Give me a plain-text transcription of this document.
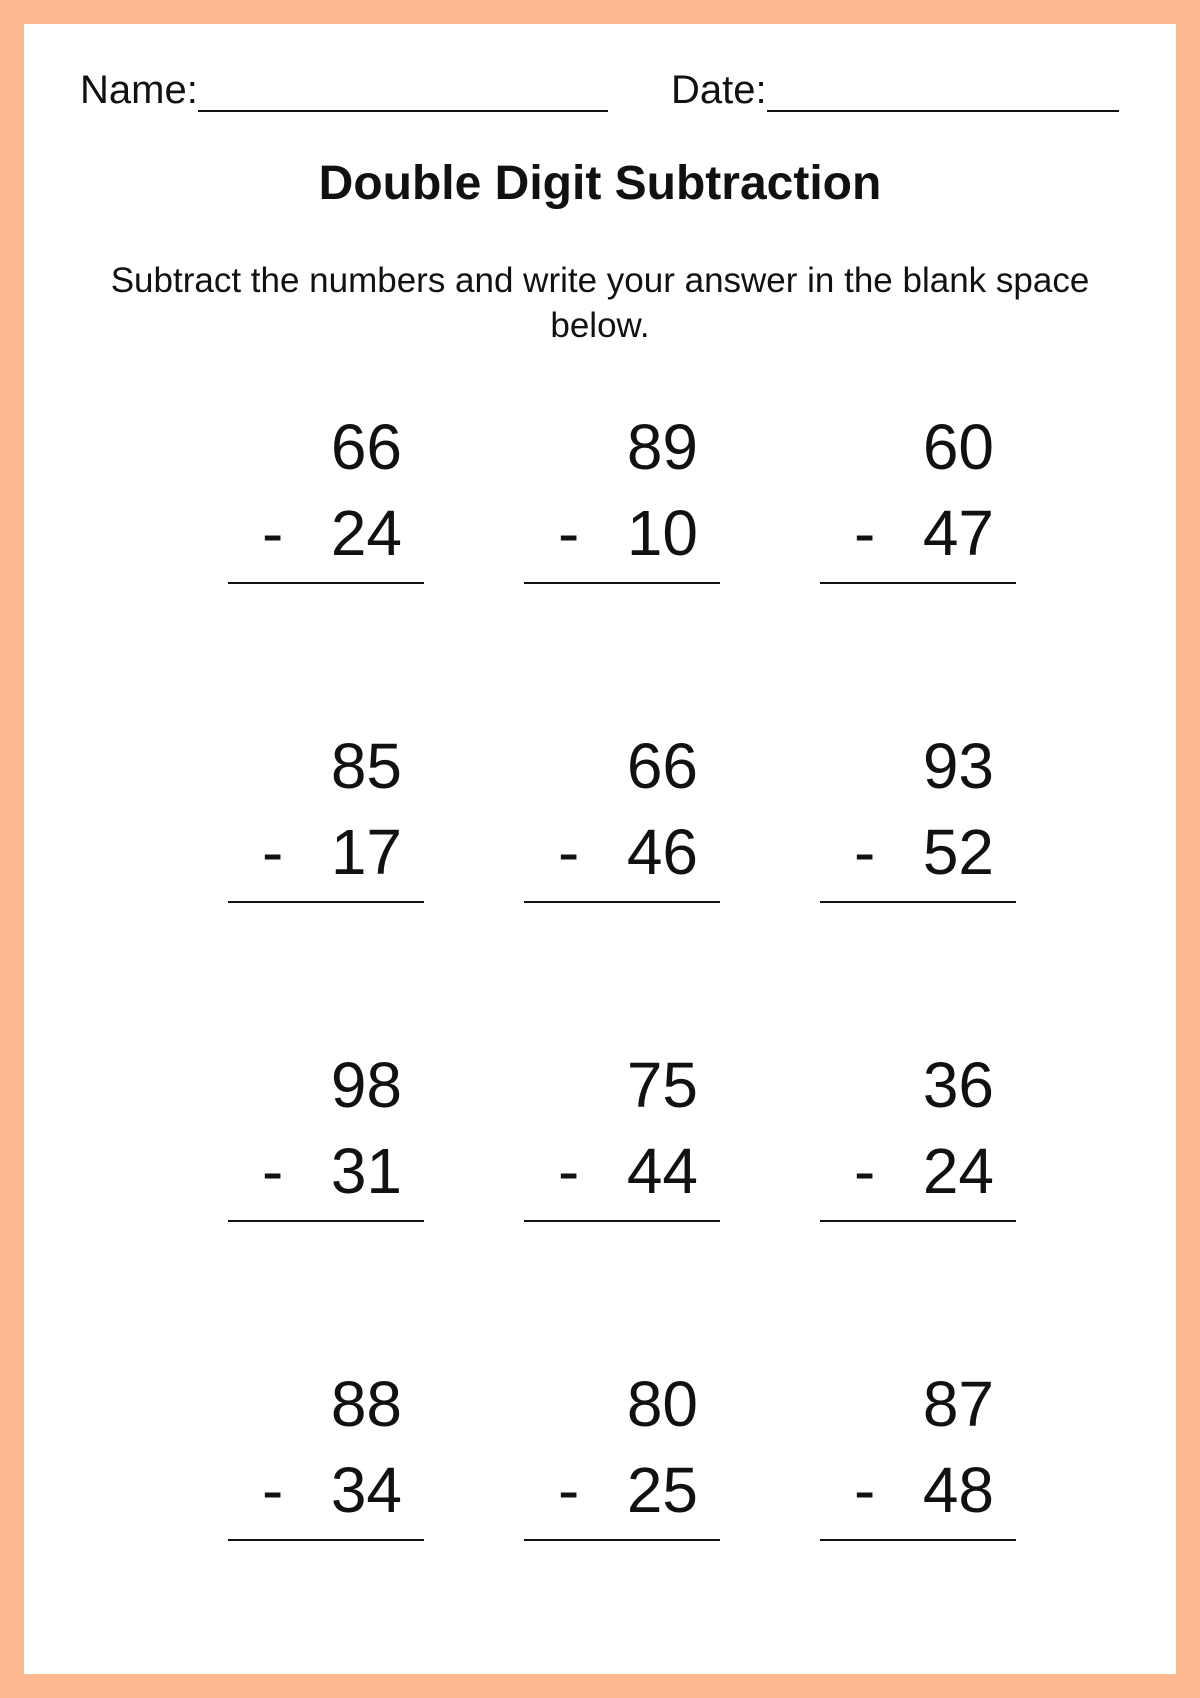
Name:	Date:
Double Digit Subtraction
Subtract the numbers and write your answer in the blank space below.
66
- 24
89
- 10
60
- 47
85
- 17
66
- 46
93
- 52
98
- 31
75
- 44
36
- 24
88
- 34
80
- 25
87
- 48
